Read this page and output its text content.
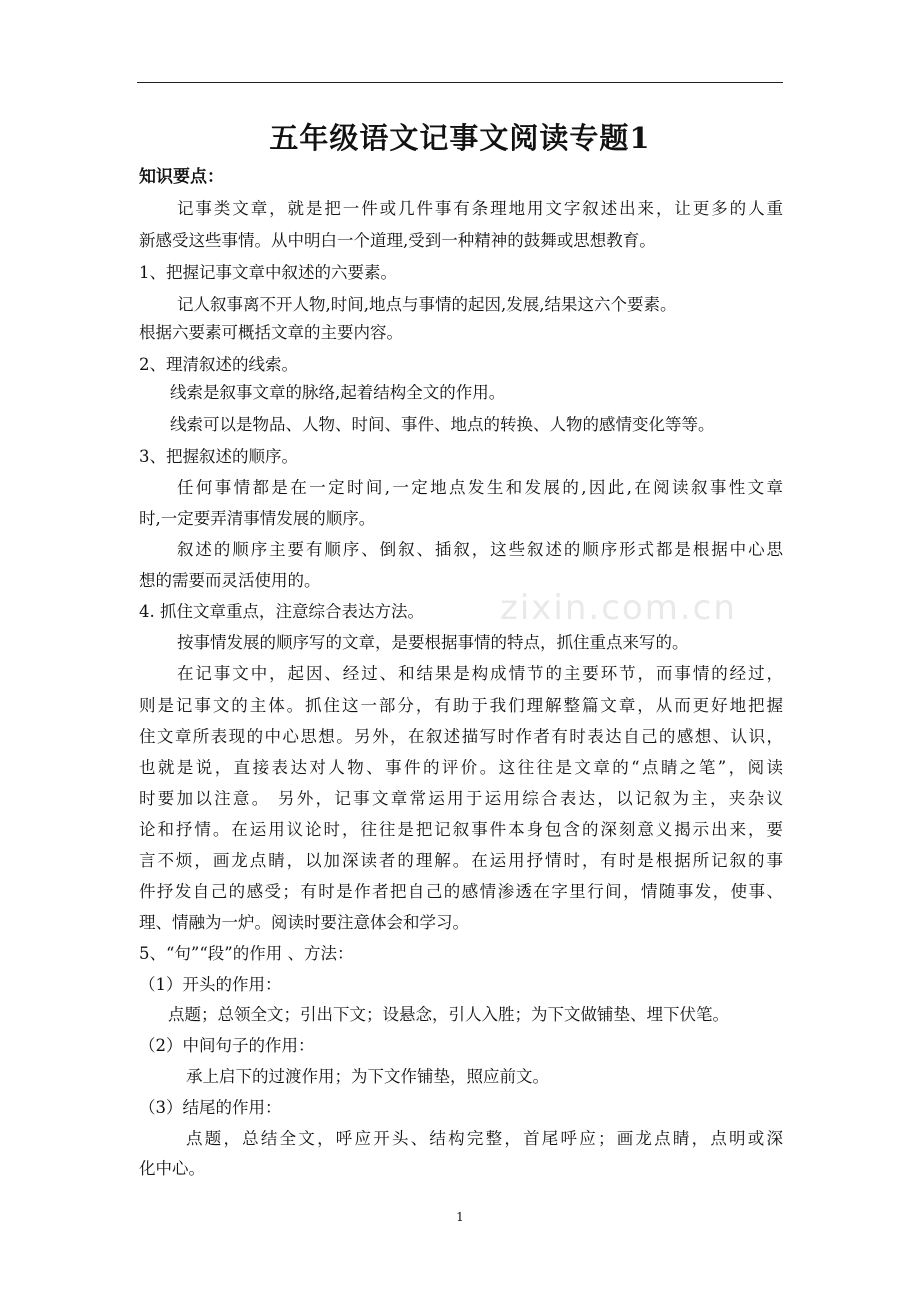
五年级语文记事文阅读专题1
知识要点：
记事类文章，就是把一件或几件事有条理地用文字叙述出来，让更多的人重
新感受这些事情。从中明白一个道理,受到一种精神的鼓舞或思想教育。
1、把握记事文章中叙述的六要素。
记人叙事离不开人物,时间,地点与事情的起因,发展,结果这六个要素。
根据六要素可概括文章的主要内容。
2、理清叙述的线索。
线索是叙事文章的脉络,起着结构全文的作用。
线索可以是物品、人物、时间、事件、地点的转换、人物的感情变化等等。
3、把握叙述的顺序。
任何事情都是在一定时间,一定地点发生和发展的,因此,在阅读叙事性文章
时,一定要弄清事情发展的顺序。
叙述的顺序主要有顺序、倒叙、插叙，这些叙述的顺序形式都是根据中心思
想的需要而灵活使用的。
4. 抓住文章重点，注意综合表达方法。
按事情发展的顺序写的文章，是要根据事情的特点，抓住重点来写的。
在记事文中，起因、经过、和结果是构成情节的主要环节，而事情的经过，
则是记事文的主体。抓住这一部分，有助于我们理解整篇文章，从而更好地把握
住文章所表现的中心思想。另外，在叙述描写时作者有时表达自己的感想、认识，
也就是说，直接表达对人物、事件的评价。这往往是文章的“点睛之笔”，阅读
时要加以注意。 另外，记事文章常运用于运用综合表达，以记叙为主，夹杂议
论和抒情。在运用议论时，往往是把记叙事件本身包含的深刻意义揭示出来，要
言不烦，画龙点睛，以加深读者的理解。在运用抒情时，有时是根据所记叙的事
件抒发自己的感受；有时是作者把自己的感情渗透在字里行间，情随事发，使事、
理、情融为一炉。阅读时要注意体会和学习。
5、“句”“段”的作用 、方法：
（1）开头的作用：
点题；总领全文；引出下文；设悬念，引人入胜；为下文做铺垫、埋下伏笔。
（2）中间句子的作用：
承上启下的过渡作用；为下文作铺垫，照应前文。
（3）结尾的作用：
点题，总结全文，呼应开头、结构完整，首尾呼应；画龙点睛，点明或深
化中心。
zixin.com.cn
1
